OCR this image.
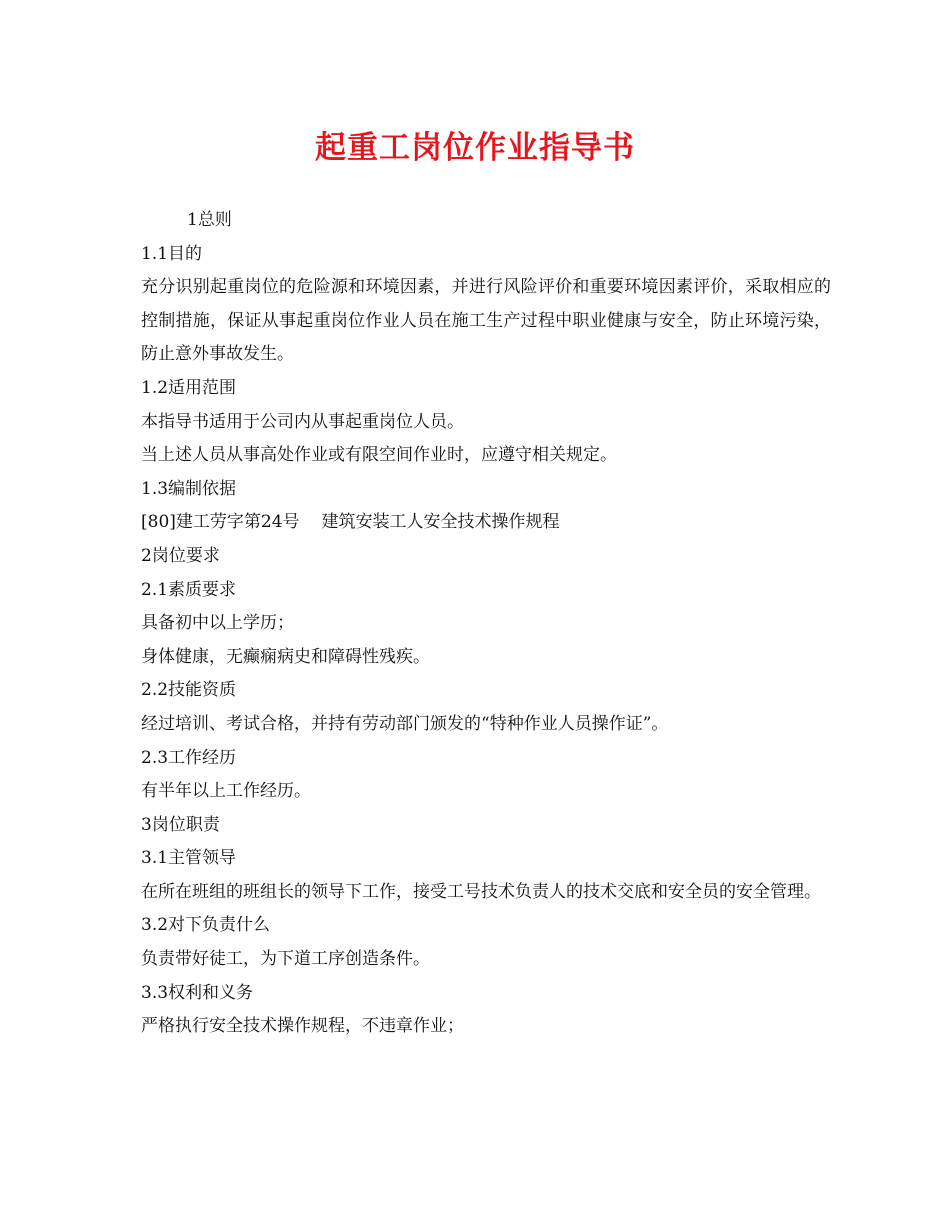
起重工岗位作业指导书
1总则
1.1目的
充分识别起重岗位的危险源和环境因素，并进行风险评价和重要环境因素评价，采取相应的控制措施，保证从事起重岗位作业人员在施工生产过程中职业健康与安全，防止环境污染，防止意外事故发生。
1.2适用范围
本指导书适用于公司内从事起重岗位人员。
当上述人员从事高处作业或有限空间作业时，应遵守相关规定。
1.3编制依据
[80]建工劳字第24号 建筑安装工人安全技术操作规程
2岗位要求
2.1素质要求
具备初中以上学历；
身体健康，无癫痫病史和障碍性残疾。
2.2技能资质
经过培训、考试合格，并持有劳动部门颁发的“特种作业人员操作证”。
2.3工作经历
有半年以上工作经历。
3岗位职责
3.1主管领导
在所在班组的班组长的领导下工作，接受工号技术负责人的技术交底和安全员的安全管理。
3.2对下负责什么
负责带好徒工，为下道工序创造条件。
3.3权利和义务
严格执行安全技术操作规程，不违章作业；
